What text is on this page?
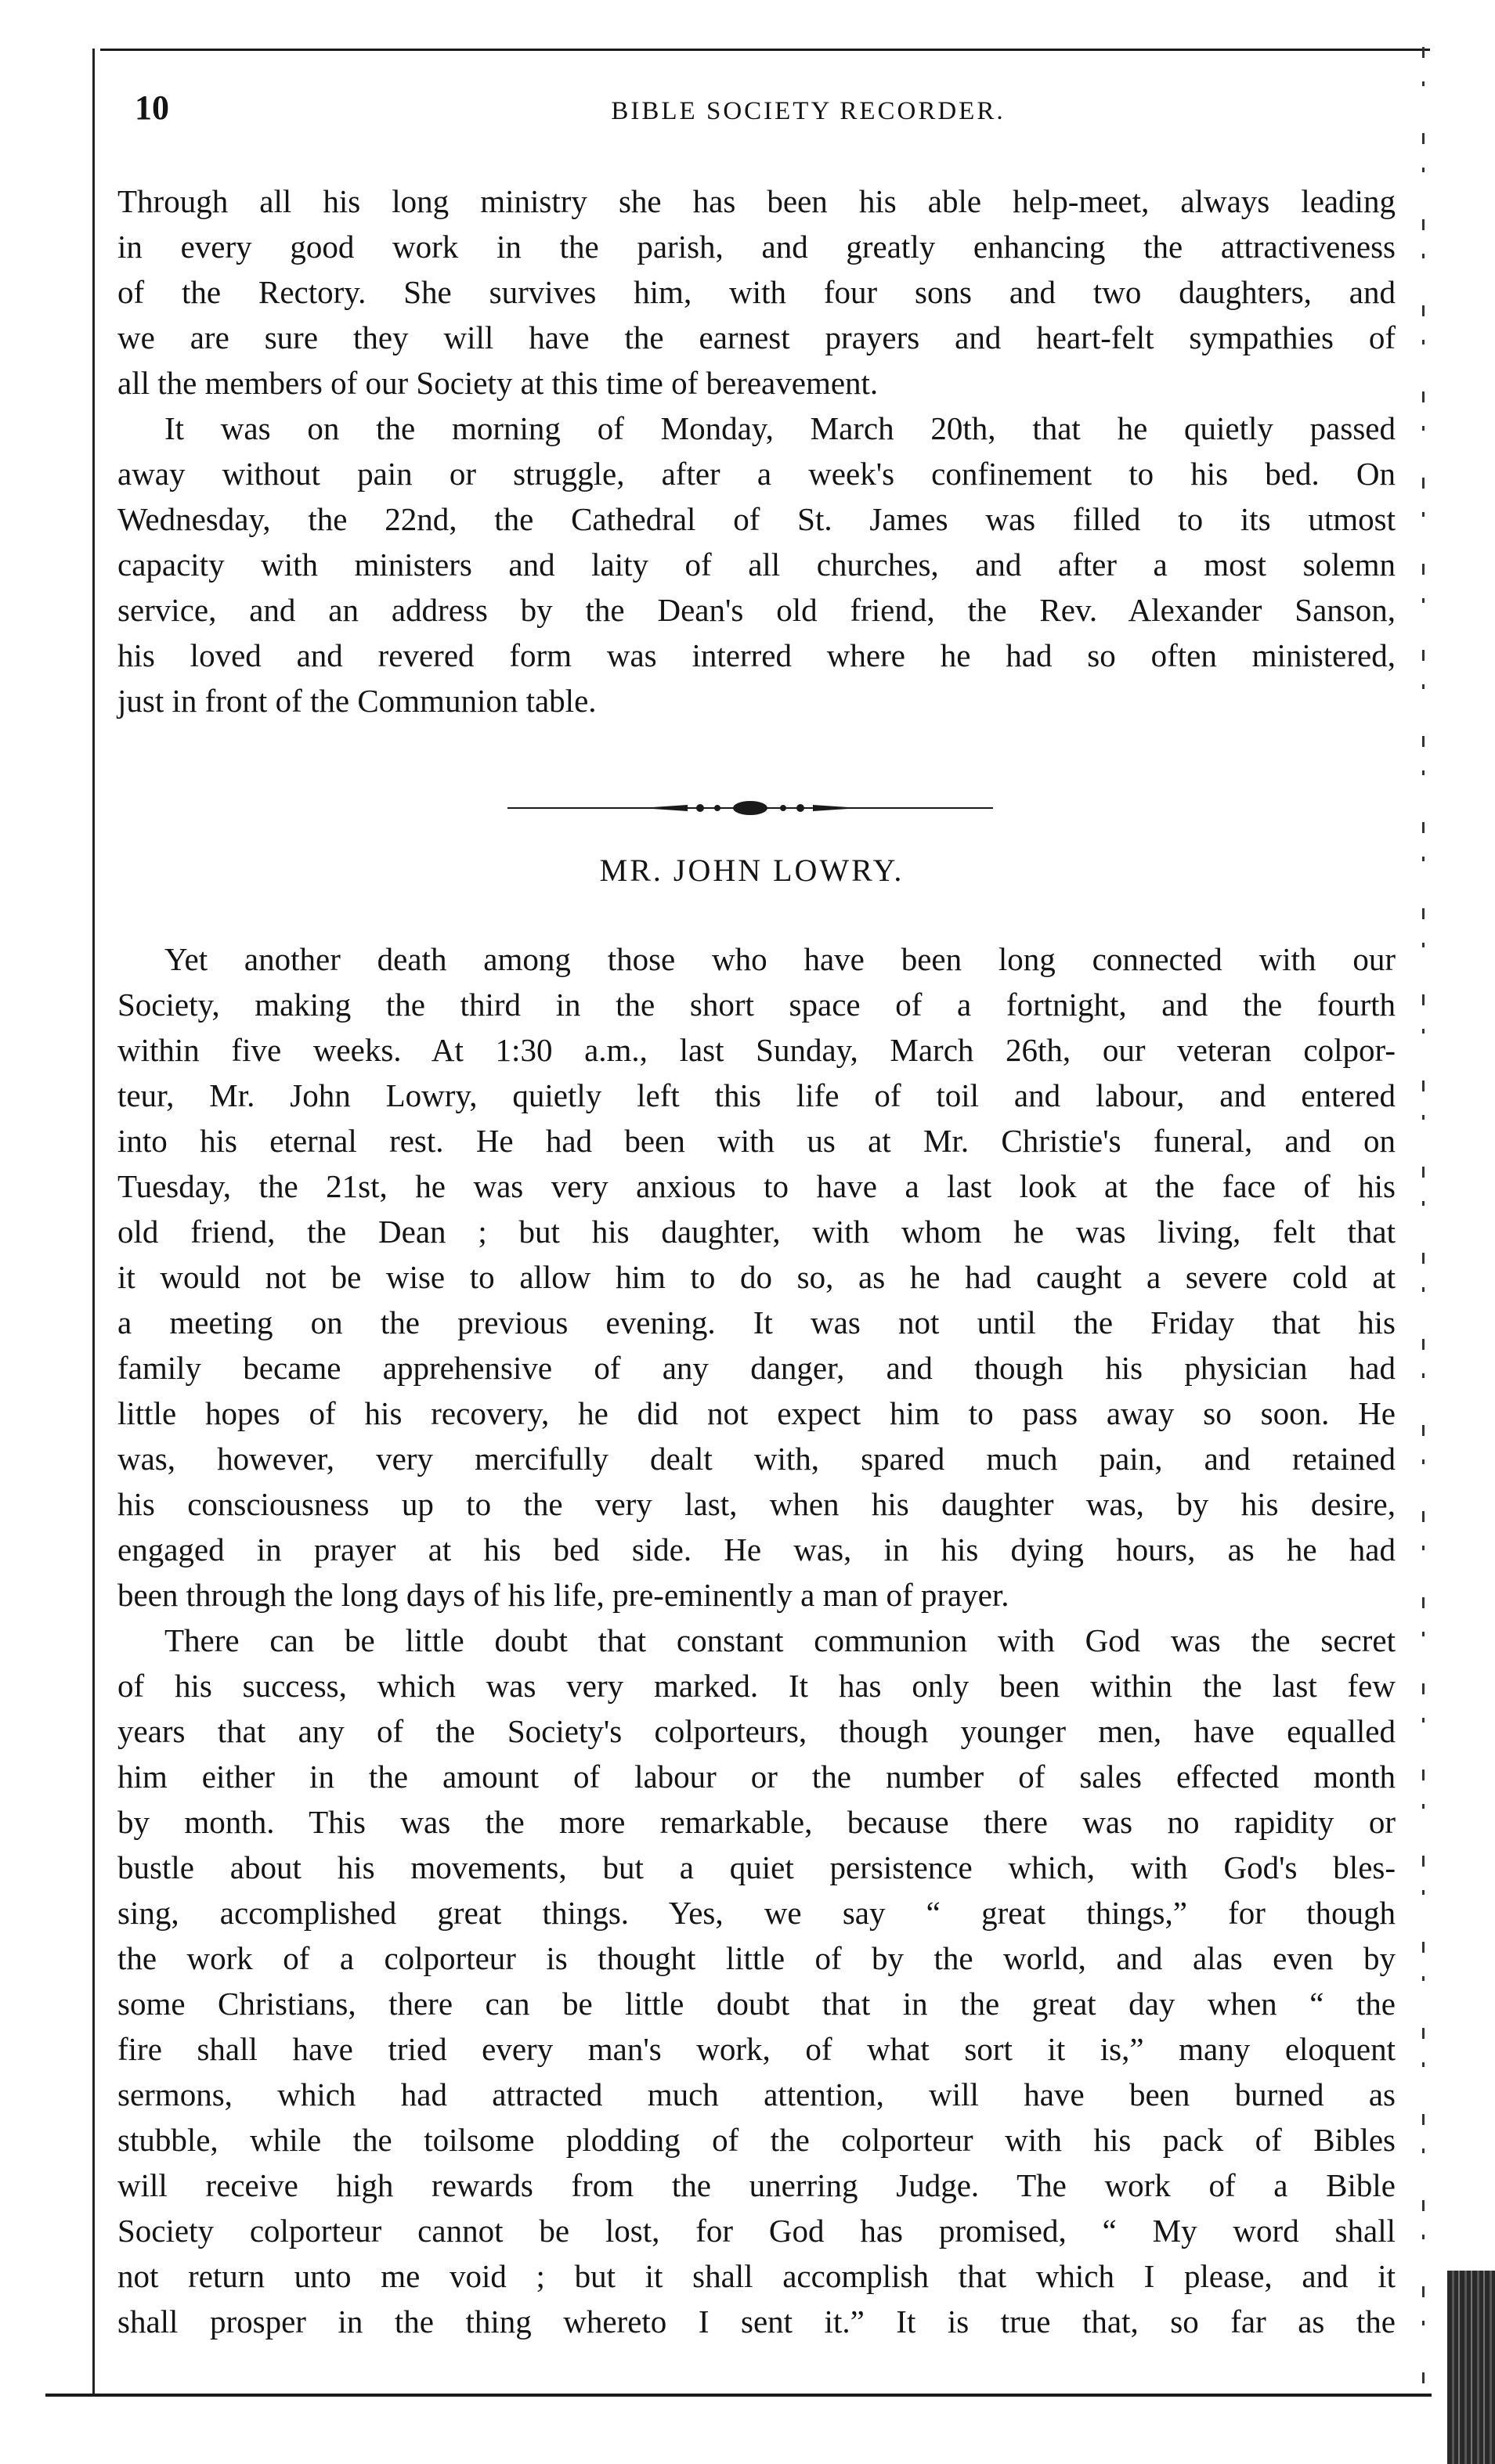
10	BIBLE SOCIETY RECORDER.
Through all his long ministry she has been his able help-meet, always leading
in every good work in the parish, and greatly enhancing the attractiveness
of the Rectory. She survives him, with four sons and two daughters, and
we are sure they will have the earnest prayers and heart-felt sympathies of
all the members of our Society at this time of bereavement.
It was on the morning of Monday, March 20th, that he quietly passed
away without pain or struggle, after a week's confinement to his bed. On
Wednesday, the 22nd, the Cathedral of St. James was filled to its utmost
capacity with ministers and laity of all churches, and after a most solemn
service, and an address by the Dean's old friend, the Rev. Alexander Sanson,
his loved and revered form was interred where he had so often ministered,
just in front of the Communion table.
MR. JOHN LOWRY.
Yet another death among those who have been long connected with our
Society, making the third in the short space of a fortnight, and the fourth
within five weeks. At 1:30 a.m., last Sunday, March 26th, our veteran colpor-
teur, Mr. John Lowry, quietly left this life of toil and labour, and entered
into his eternal rest. He had been with us at Mr. Christie's funeral, and on
Tuesday, the 21st, he was very anxious to have a last look at the face of his
old friend, the Dean ; but his daughter, with whom he was living, felt that
it would not be wise to allow him to do so, as he had caught a severe cold at
a meeting on the previous evening. It was not until the Friday that his
family became apprehensive of any danger, and though his physician had
little hopes of his recovery, he did not expect him to pass away so soon. He
was, however, very mercifully dealt with, spared much pain, and retained
his consciousness up to the very last, when his daughter was, by his desire,
engaged in prayer at his bed side. He was, in his dying hours, as he had
been through the long days of his life, pre-eminently a man of prayer.
There can be little doubt that constant communion with God was the secret
of his success, which was very marked. It has only been within the last few
years that any of the Society's colporteurs, though younger men, have equalled
him either in the amount of labour or the number of sales effected month
by month. This was the more remarkable, because there was no rapidity or
bustle about his movements, but a quiet persistence which, with God's bles-
sing, accomplished great things. Yes, we say “ great things,” for though
the work of a colporteur is thought little of by the world, and alas even by
some Christians, there can be little doubt that in the great day when “ the
fire shall have tried every man's work, of what sort it is,” many eloquent
sermons, which had attracted much attention, will have been burned as
stubble, while the toilsome plodding of the colporteur with his pack of Bibles
will receive high rewards from the unerring Judge. The work of a Bible
Society colporteur cannot be lost, for God has promised, “ My word shall
not return unto me void ; but it shall accomplish that which I please, and it
shall prosper in the thing whereto I sent it.” It is true that, so far as the
